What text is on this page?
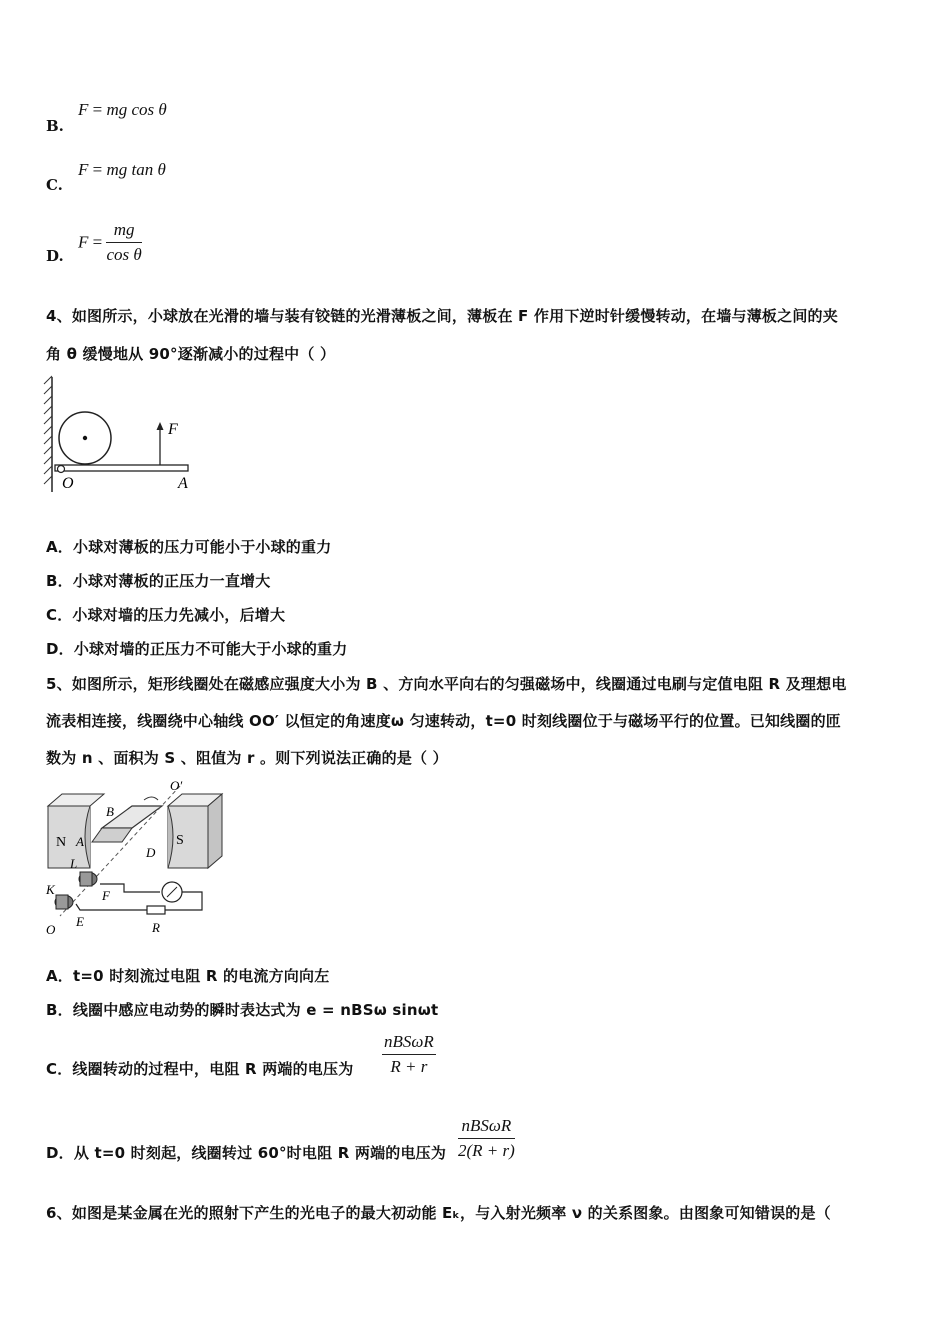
B.
F = mg cos θ
C.
F = mg tan θ
D.
$F = \frac{mg}{\text{cos θ}}$
4、如图所示，小球放在光滑的墙与装有铰链的光滑薄板之间，薄板在 F 作用下逆时针缓慢转动，在墙与薄板之间的夹
角 θ 缓慢地从 90°逐渐减小的过程中（ ）
F
O	A
A．小球对薄板的压力可能小于小球的重力
B．小球对薄板的正压力一直增大
C．小球对墙的压力先减小，后增大
D．小球对墙的正压力不可能大于小球的重力
5、如图所示，矩形线圈处在磁感应强度大小为 B 、方向水平向右的匀强磁场中，线圈通过电刷与定值电阻 R 及理想电
流表相连接，线圈绕中心轴线 OO′ 以恒定的角速度ω 匀速转动，t=0 时刻线圈位于与磁场平行的位置。已知线圈的匝
数为 n 、面积为 S 、阻值为 r 。则下列说法正确的是（ ）
N	S
B
A
L
D
K	F
E
O
O′
R
A．t=0 时刻流过电阻 R 的电流方向向左
B．线圈中感应电动势的瞬时表达式为 e = nBSω sinωt
C．线圈转动的过程中，电阻 R 两端的电压为 $\frac{\text{nBSωR}}{R + r}$
D．从 t=0 时刻起，线圈转过 60°时电阻 R 两端的电压为 $\frac{\text{nBSωR}}{2(R + r)}$
6、如图是某金属在光的照射下产生的光电子的最大初动能 Eₖ，与入射光频率 ν 的关系图象。由图象可知错误的是（
